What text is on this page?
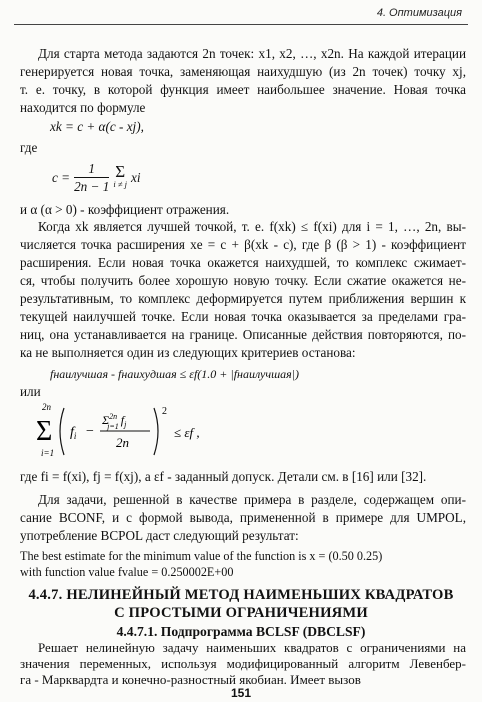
4. Оптимизация
Для старта метода задаются 2n точек: x1, x2, …, x2n. На каждой итерации
генерируется новая точка, заменяющая наихудшую (из 2n точек) точку xj,
т. е. точку, в которой функция имеет наибольшее значение. Новая точка
находится по формуле
xk = c + α(c - xj),
где
$c = \frac{1}{2n - 1}$ Σ
i ≠ j xi
и α (α > 0) - коэффициент отражения.
Когда xk является лучшей точкой, т. е. f(xk) ≤ f(xi) для i = 1, …, 2n, вы-
числяется точка расширения xe = c + β(xk - c), где β (β > 1) - коэффициент
расширения. Если новая точка окажется наихудшей, то комплекс сжимает-
ся, чтобы получить более хорошую новую точку. Если сжатие окажется не-
результативным, то комплекс деформируется путем приближения вершин к
текущей наилучшей точке. Если новая точка оказывается за пределами гра-
ниц, она устанавливается на границе. Описанные действия повторяются, по-
ка не выполняется один из следующих критериев останова:
fнаилучшая - fнаихудшая ≤ εf(1.0 + |fнаилучшая|)
или
2n
Σ
i=1
$f_i$ −
$\Sigma^{2n}$ j=1 $f_j$
2n
2
≤ εf ,
где fi = f(xi), fj = f(xj), а εf - заданный допуск. Детали см. в [16] или [32].
Для задачи, решенной в качестве примера в разделе, содержащем опи-
сание BCONF, и с формой вывода, примененной в примере для UMPOL,
употребление BCPOL даст следующий результат:
The best estimate for the minimum value of the function is x = (0.50 0.25)
with function value fvalue = 0.250002E+00
4.4.7. НЕЛИНЕЙНЫЙ МЕТОД НАИМЕНЬШИХ КВАДРАТОВ
С ПРОСТЫМИ ОГРАНИЧЕНИЯМИ
4.4.7.1. Подпрограмма BCLSF (DBCLSF)
Решает нелинейную задачу наименьших квадратов с ограничениями на
151
значения переменных, используя модифицированный алгоритм Левенбер-
га - Марквардта и конечно-разностный якобиан. Имеет вызов
